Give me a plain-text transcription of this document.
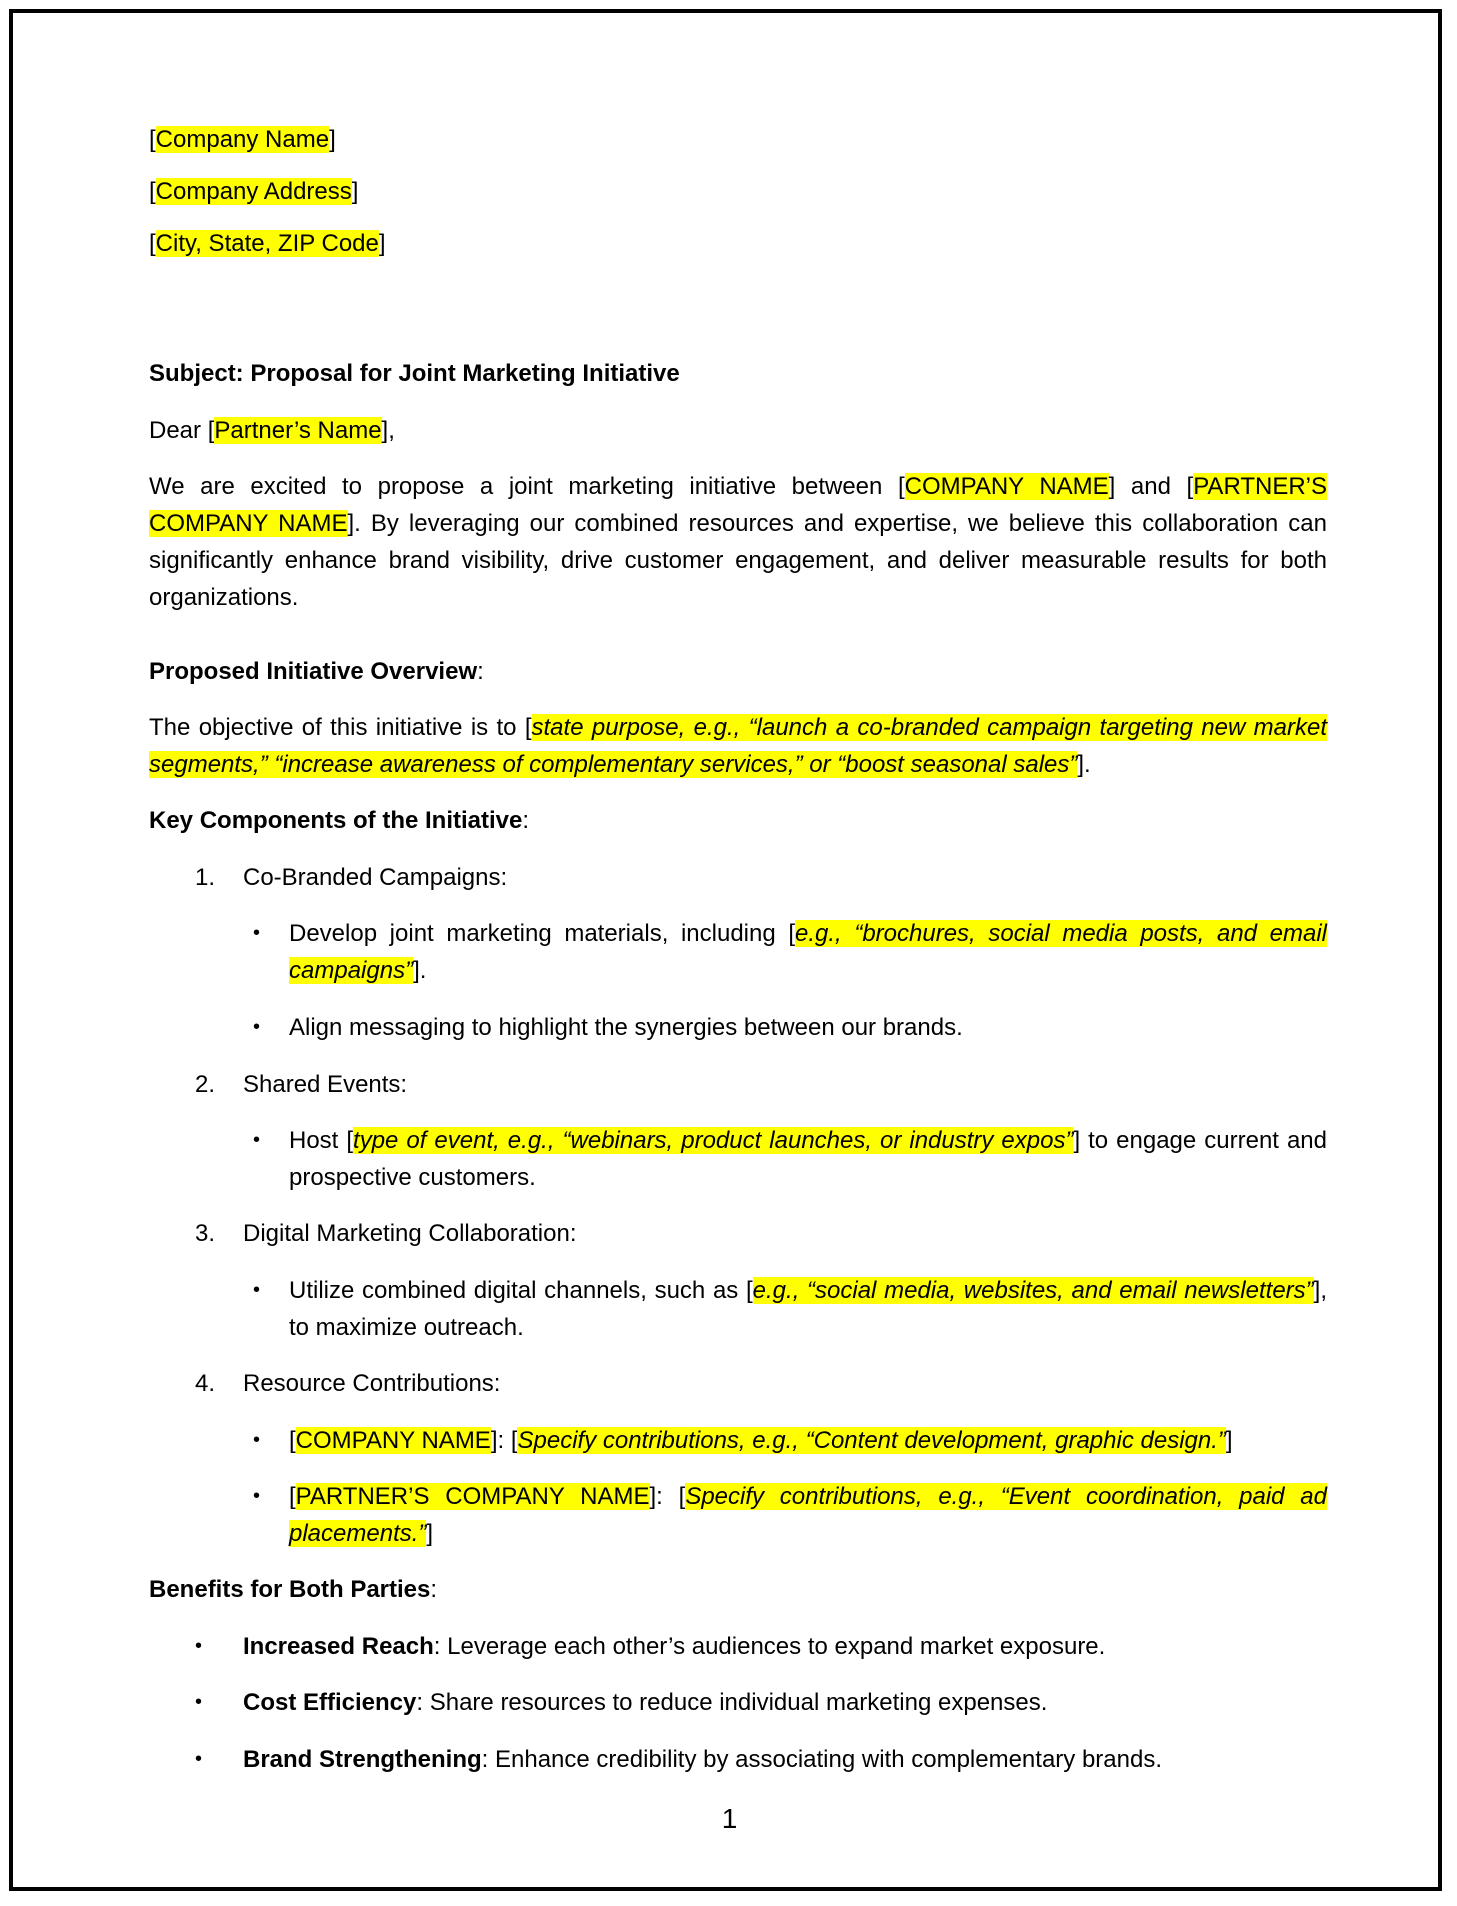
[Company Name]
[Company Address]
[City, State, ZIP Code]
Subject: Proposal for Joint Marketing Initiative
Dear [Partner’s Name],
We are excited to propose a joint marketing initiative between [COMPANY NAME] and [PARTNER’S COMPANY NAME]. By leveraging our combined resources and expertise, we believe this collaboration can significantly enhance brand visibility, drive customer engagement, and deliver measurable results for both organizations.
Proposed Initiative Overview:
The objective of this initiative is to [state purpose, e.g., “launch a co-branded campaign targeting new market segments,” “increase awareness of complementary services,” or “boost seasonal sales”].
Key Components of the Initiative:
1.	Co-Branded Campaigns:
• Develop joint marketing materials, including [e.g., “brochures, social media posts, and email campaigns”].
• Align messaging to highlight the synergies between our brands.
2.	Shared Events:
• Host [type of event, e.g., “webinars, product launches, or industry expos”] to engage current and prospective customers.
3.	Digital Marketing Collaboration:
• Utilize combined digital channels, such as [e.g., “social media, websites, and email newsletters”], to maximize outreach.
4.	Resource Contributions:
• [COMPANY NAME]: [Specify contributions, e.g., “Content development, graphic design.”]
• [PARTNER’S COMPANY NAME]: [Specify contributions, e.g., “Event coordination, paid ad placements.”]
Benefits for Both Parties:
• Increased Reach: Leverage each other’s audiences to expand market exposure.
• Cost Efficiency: Share resources to reduce individual marketing expenses.
• Brand Strengthening: Enhance credibility by associating with complementary brands.
1
